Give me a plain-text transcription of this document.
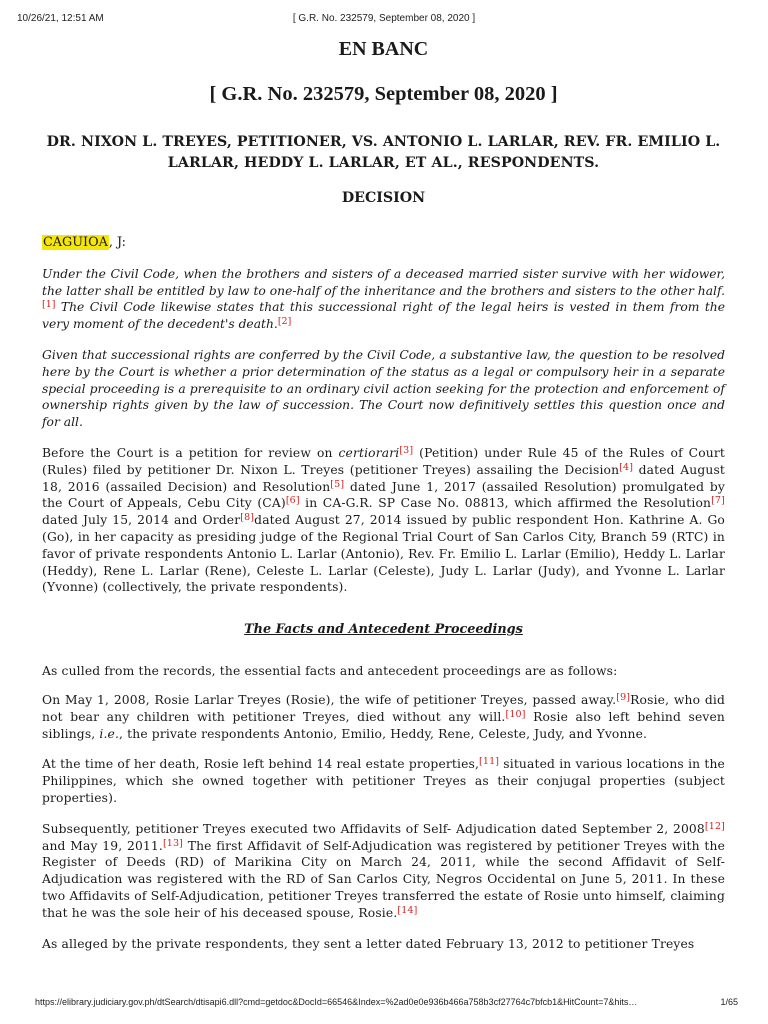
10/26/21, 12:51 AM	[ G.R. No. 232579, September 08, 2020 ]
EN BANC
[ G.R. No. 232579, September 08, 2020 ]
DR. NIXON L. TREYES, PETITIONER, VS. ANTONIO L. LARLAR, REV. FR. EMILIO L. LARLAR, HEDDY L. LARLAR, ET AL., RESPONDENTS.
DECISION

CAGUIOA, J:

Under the Civil Code, when the brothers and sisters of a deceased married sister survive with her widower, the latter shall be entitled by law to one-half of the inheritance and the brothers and sisters to the other half.[1] The Civil Code likewise states that this successional right of the legal heirs is vested in them from the very moment of the decedent's death.[2]

Given that successional rights are conferred by the Civil Code, a substantive law, the question to be resolved here by the Court is whether a prior determination of the status as a legal or compulsory heir in a separate special proceeding is a prerequisite to an ordinary civil action seeking for the protection and enforcement of ownership rights given by the law of succession. The Court now definitively settles this question once and for all.

Before the Court is a petition for review on certiorari[3] (Petition) under Rule 45 of the Rules of Court (Rules) filed by petitioner Dr. Nixon L. Treyes (petitioner Treyes) assailing the Decision[4] dated August 18, 2016 (assailed Decision) and Resolution[5] dated June 1, 2017 (assailed Resolution) promulgated by the Court of Appeals, Cebu City (CA)[6] in CA-G.R. SP Case No. 08813, which affirmed the Resolution[7] dated July 15, 2014 and Order[8]dated August 27, 2014 issued by public respondent Hon. Kathrine A. Go (Go), in her capacity as presiding judge of the Regional Trial Court of San Carlos City, Branch 59 (RTC) in favor of private respondents Antonio L. Larlar (Antonio), Rev. Fr. Emilio L. Larlar (Emilio), Heddy L. Larlar (Heddy), Rene L. Larlar (Rene), Celeste L. Larlar (Celeste), Judy L. Larlar (Judy), and Yvonne L. Larlar (Yvonne) (collectively, the private respondents).

The Facts and Antecedent Proceedings

As culled from the records, the essential facts and antecedent proceedings are as follows:

On May 1, 2008, Rosie Larlar Treyes (Rosie), the wife of petitioner Treyes, passed away.[9]Rosie, who did not bear any children with petitioner Treyes, died without any will.[10] Rosie also left behind seven siblings, i.e., the private respondents Antonio, Emilio, Heddy, Rene, Celeste, Judy, and Yvonne.

At the time of her death, Rosie left behind 14 real estate properties,[11] situated in various locations in the Philippines, which she owned together with petitioner Treyes as their conjugal properties (subject properties).

Subsequently, petitioner Treyes executed two Affidavits of Self- Adjudication dated September 2, 2008[12] and May 19, 2011.[13] The first Affidavit of Self-Adjudication was registered by petitioner Treyes with the Register of Deeds (RD) of Marikina City on March 24, 2011, while the second Affidavit of Self-Adjudication was registered with the RD of San Carlos City, Negros Occidental on June 5, 2011. In these two Affidavits of Self-Adjudication, petitioner Treyes transferred the estate of Rosie unto himself, claiming that he was the sole heir of his deceased spouse, Rosie.[14]

As alleged by the private respondents, they sent a letter dated February 13, 2012 to petitioner Treyes

https://elibrary.judiciary.gov.ph/dtSearch/dtisapi6.dll?cmd=getdoc&DocId=66546&Index=%2ad0e0e936b466a758b3cf27764c7bfcb1&HitCount=7&hits…	1/65
